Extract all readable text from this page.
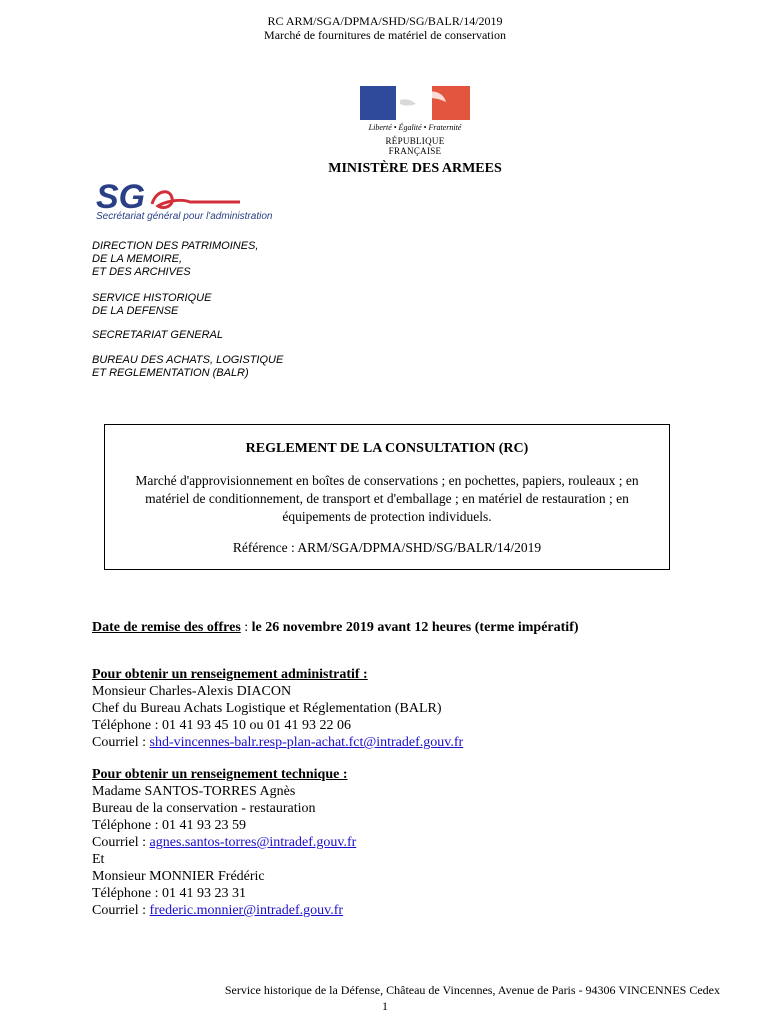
RC ARM/SGA/DPMA/SHD/SG/BALR/14/2019
Marché de fournitures de matériel de conservation
Liberté • Égalité • Fraternité
RÉPUBLIQUE FRANÇAISE
MINISTÈRE DES ARMEES
SG
Secrétariat général pour l'administration
DIRECTION DES PATRIMOINES,
DE LA MEMOIRE,
ET DES ARCHIVES
SERVICE HISTORIQUE
DE LA DEFENSE
SECRETARIAT GENERAL
BUREAU DES ACHATS, LOGISTIQUE
ET REGLEMENTATION (BALR)
REGLEMENT DE LA CONSULTATION (RC)
Marché d'approvisionnement en boîtes de conservations ; en pochettes, papiers, rouleaux ; en matériel de conditionnement, de transport et d'emballage ; en matériel de restauration ; en équipements de protection individuels.
Référence : ARM/SGA/DPMA/SHD/SG/BALR/14/2019
Date de remise des offres : le 26 novembre 2019 avant 12 heures (terme impératif)
Pour obtenir un renseignement administratif :
Monsieur Charles-Alexis DIACON
Chef du Bureau Achats Logistique et Réglementation (BALR)
Téléphone : 01 41 93 45 10 ou 01 41 93 22 06
Courriel : shd-vincennes-balr.resp-plan-achat.fct@intradef.gouv.fr
Pour obtenir un renseignement technique :
Madame SANTOS-TORRES Agnès
Bureau de la conservation - restauration
Téléphone : 01 41 93 23 59
Courriel : agnes.santos-torres@intradef.gouv.fr
Et
Monsieur MONNIER Frédéric
Téléphone : 01 41 93 23 31
Courriel : frederic.monnier@intradef.gouv.fr
Service historique de la Défense, Château de Vincennes, Avenue de Paris - 94306 VINCENNES Cedex
1
